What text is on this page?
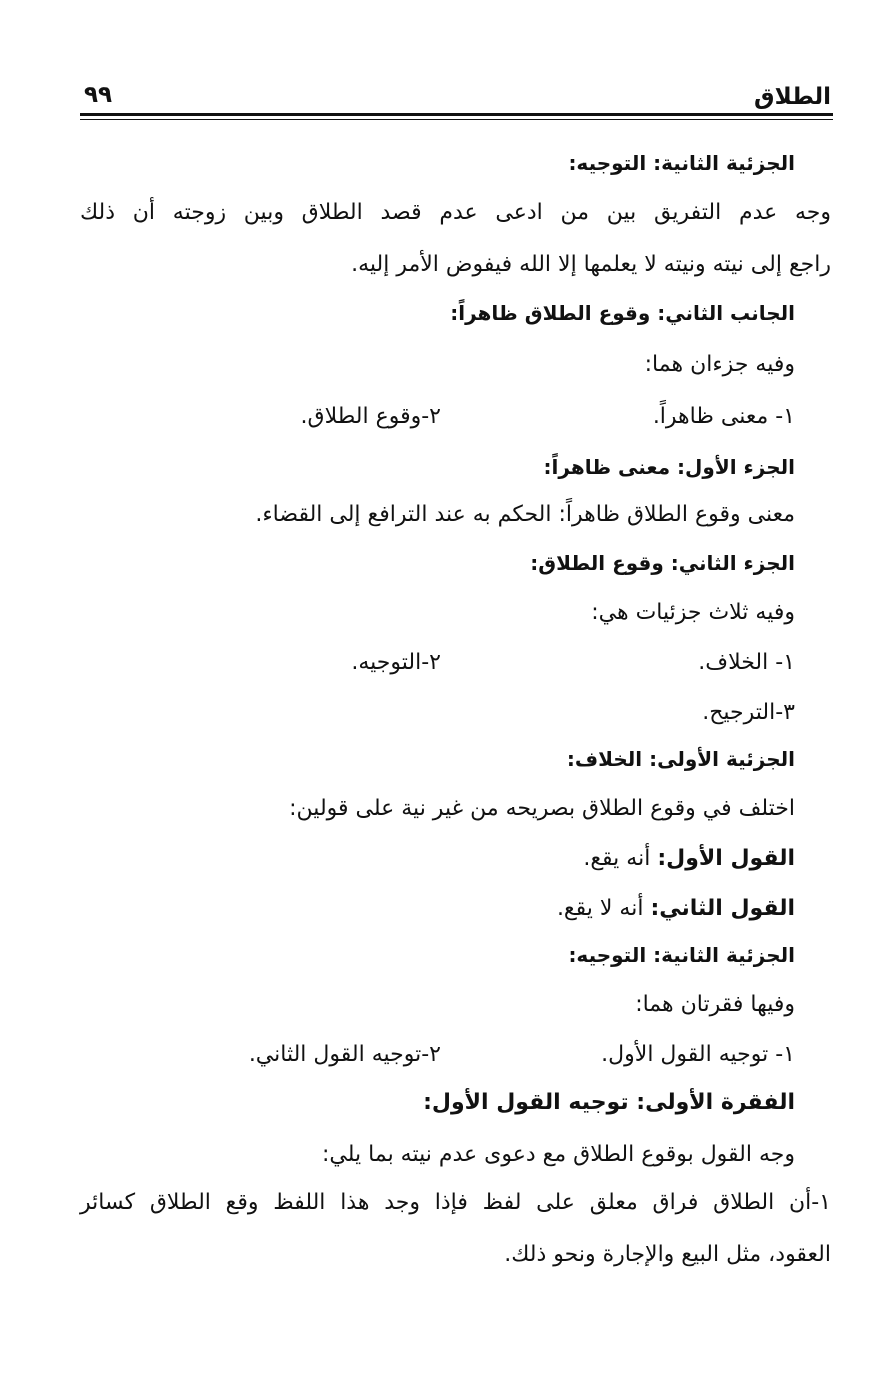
الطلاق
٩٩
الجزئية الثانية: التوجيه:
وجه عدم التفريق بين من ادعى عدم قصد الطلاق وبين زوجته أن ذلك
راجع إلى نيته ونيته لا يعلمها إلا الله فيفوض الأمر إليه.
الجانب الثاني: وقوع الطلاق ظاهراً:
وفيه جزءان هما:
١- معنى ظاهراً.
٢-وقوع الطلاق.
الجزء الأول: معنى ظاهراً:
معنى وقوع الطلاق ظاهراً: الحكم به عند الترافع إلى القضاء.
الجزء الثاني: وقوع الطلاق:
وفيه ثلاث جزئيات هي:
١- الخلاف.
٢-التوجيه.
٣-الترجيح.
الجزئية الأولى: الخلاف:
اختلف في وقوع الطلاق بصريحه من غير نية على قولين:
القول الأول: أنه يقع.
القول الثاني: أنه لا يقع.
الجزئية الثانية: التوجيه:
وفيها فقرتان هما:
١- توجيه القول الأول.
٢-توجيه القول الثاني.
الفقرة الأولى: توجيه القول الأول:
وجه القول بوقوع الطلاق مع دعوى عدم نيته بما يلي:
١-أن الطلاق فراق معلق على لفظ فإذا وجد هذا اللفظ وقع الطلاق كسائر
العقود، مثل البيع والإجارة ونحو ذلك.
